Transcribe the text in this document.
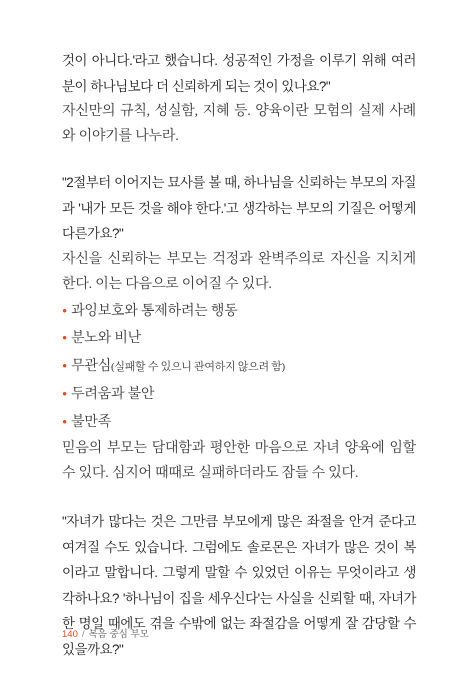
것이 아니다.'라고 했습니다. 성공적인 가정을 이루기 위해 여러분이 하나님보다 더 신뢰하게 되는 것이 있나요?"

자신만의 규칙, 성실함, 지혜 등. 양육이란 모험의 실제 사례와 이야기를 나누라.

"2절부터 이어지는 묘사를 볼 때, 하나님을 신뢰하는 부모의 자질과 '내가 모든 것을 해야 한다.'고 생각하는 부모의 기질은 어떻게 다른가요?"

자신을 신뢰하는 부모는 걱정과 완벽주의로 자신을 지치게 한다. 이는 다음으로 이어질 수 있다.

• 과잉보호와 통제하려는 행동
• 분노와 비난
• 무관심(실패할 수 있으니 관여하지 않으려 함)
• 두려움과 불안
• 불만족

믿음의 부모는 담대함과 평안한 마음으로 자녀 양육에 임할 수 있다. 심지어 때때로 실패하더라도 잠들 수 있다.

"자녀가 많다는 것은 그만큼 부모에게 많은 좌절을 안겨 준다고 여겨질 수도 있습니다. 그럼에도 솔로몬은 자녀가 많은 것이 복이라고 말합니다. 그렇게 말할 수 있었던 이유는 무엇이라고 생각하나요? '하나님이 집을 세우신다'는 사실을 신뢰할 때, 자녀가 한 명일 때에도 겪을 수밖에 없는 좌절감을 어떻게 잘 감당할 수 있을까요?"

140 / 복음 중심 부모
